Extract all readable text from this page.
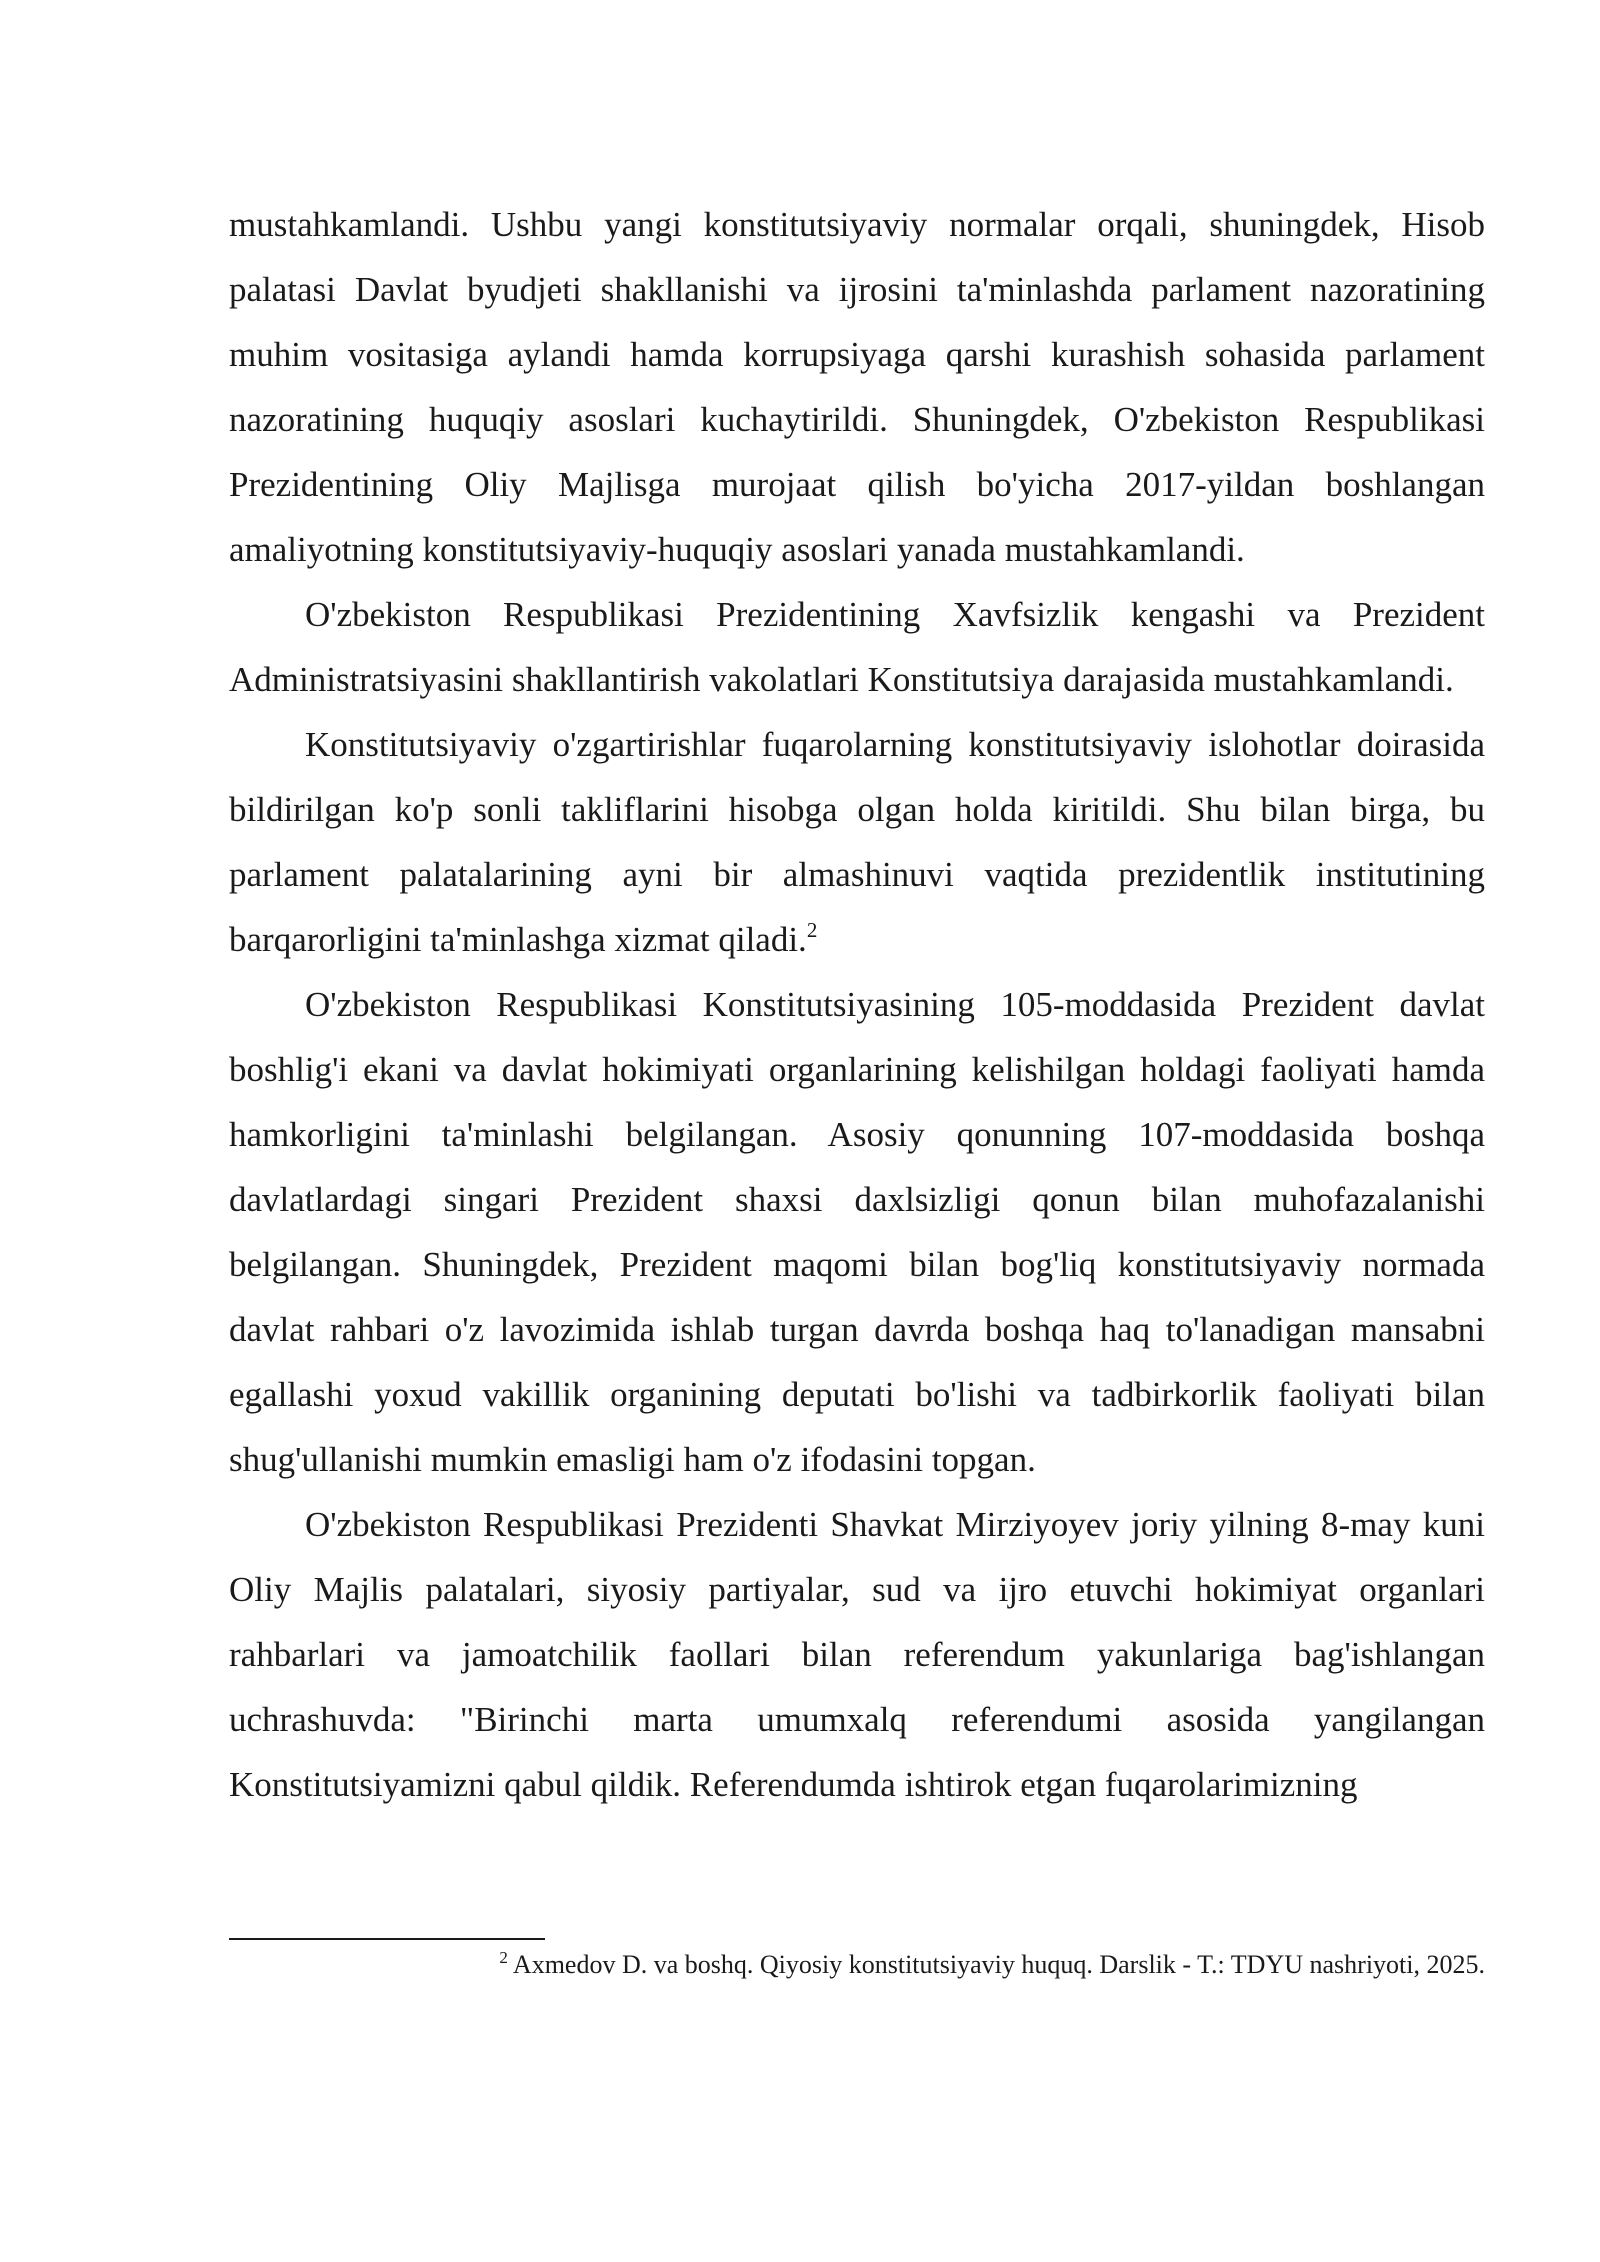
mustahkamlandi. Ushbu yangi konstitutsiyaviy normalar orqali, shuningdek, Hisob palatasi Davlat byudjeti shakllanishi va ijrosini ta'minlashda parlament nazoratining muhim vositasiga aylandi hamda korrupsiyaga qarshi kurashish sohasida parlament nazoratining huquqiy asoslari kuchaytirildi. Shuningdek, O'zbekiston Respublikasi Prezidentining Oliy Majlisga murojaat qilish bo'yicha 2017-yildan boshlangan amaliyotning konstitutsiyaviy-huquqiy asoslari yanada mustahkamlandi.

O'zbekiston Respublikasi Prezidentining Xavfsizlik kengashi va Prezident Administratsiyasini shakllantirish vakolatlari Konstitutsiya darajasida mustahkamlandi.

Konstitutsiyaviy o'zgartirishlar fuqarolarning konstitutsiyaviy islohotlar doirasida bildirilgan ko'p sonli takliflarini hisobga olgan holda kiritildi. Shu bilan birga, bu parlament palatalarining ayni bir almashinuvi vaqtida prezidentlik institutining barqarorligini ta'minlashga xizmat qiladi.$^2$

O'zbekiston Respublikasi Konstitutsiyasining 105-moddasida Prezident davlat boshlig'i ekani va davlat hokimiyati organlarining kelishilgan holdagi faoliyati hamda hamkorligini ta'minlashi belgilangan. Asosiy qonunning 107-moddasida boshqa davlatlardagi singari Prezident shaxsi daxlsizligi qonun bilan muhofazalanishi belgilangan. Shuningdek, Prezident maqomi bilan bog'liq konstitutsiyaviy normada davlat rahbari o'z lavozimida ishlab turgan davrda boshqa haq to'lanadigan mansabni egallashi yoxud vakillik organining deputati bo'lishi va tadbirkorlik faoliyati bilan shug'ullanishi mumkin emasligi ham o'z ifodasini topgan.

O'zbekiston Respublikasi Prezidenti Shavkat Mirziyoyev joriy yilning 8-may kuni Oliy Majlis palatalari, siyosiy partiyalar, sud va ijro etuvchi hokimiyat organlari rahbarlari va jamoatchilik faollari bilan referendum yakunlariga bag'ishlangan uchrashuvda: "Birinchi marta umumxalq referendumi asosida yangilangan Konstitutsiyamizni qabul qildik. Referendumda ishtirok etgan fuqarolarimizning

$^2$ Axmedov D. va boshq. Qiyosiy konstitutsiyaviy huquq. Darslik - T.: TDYU nashriyoti, 2025.
